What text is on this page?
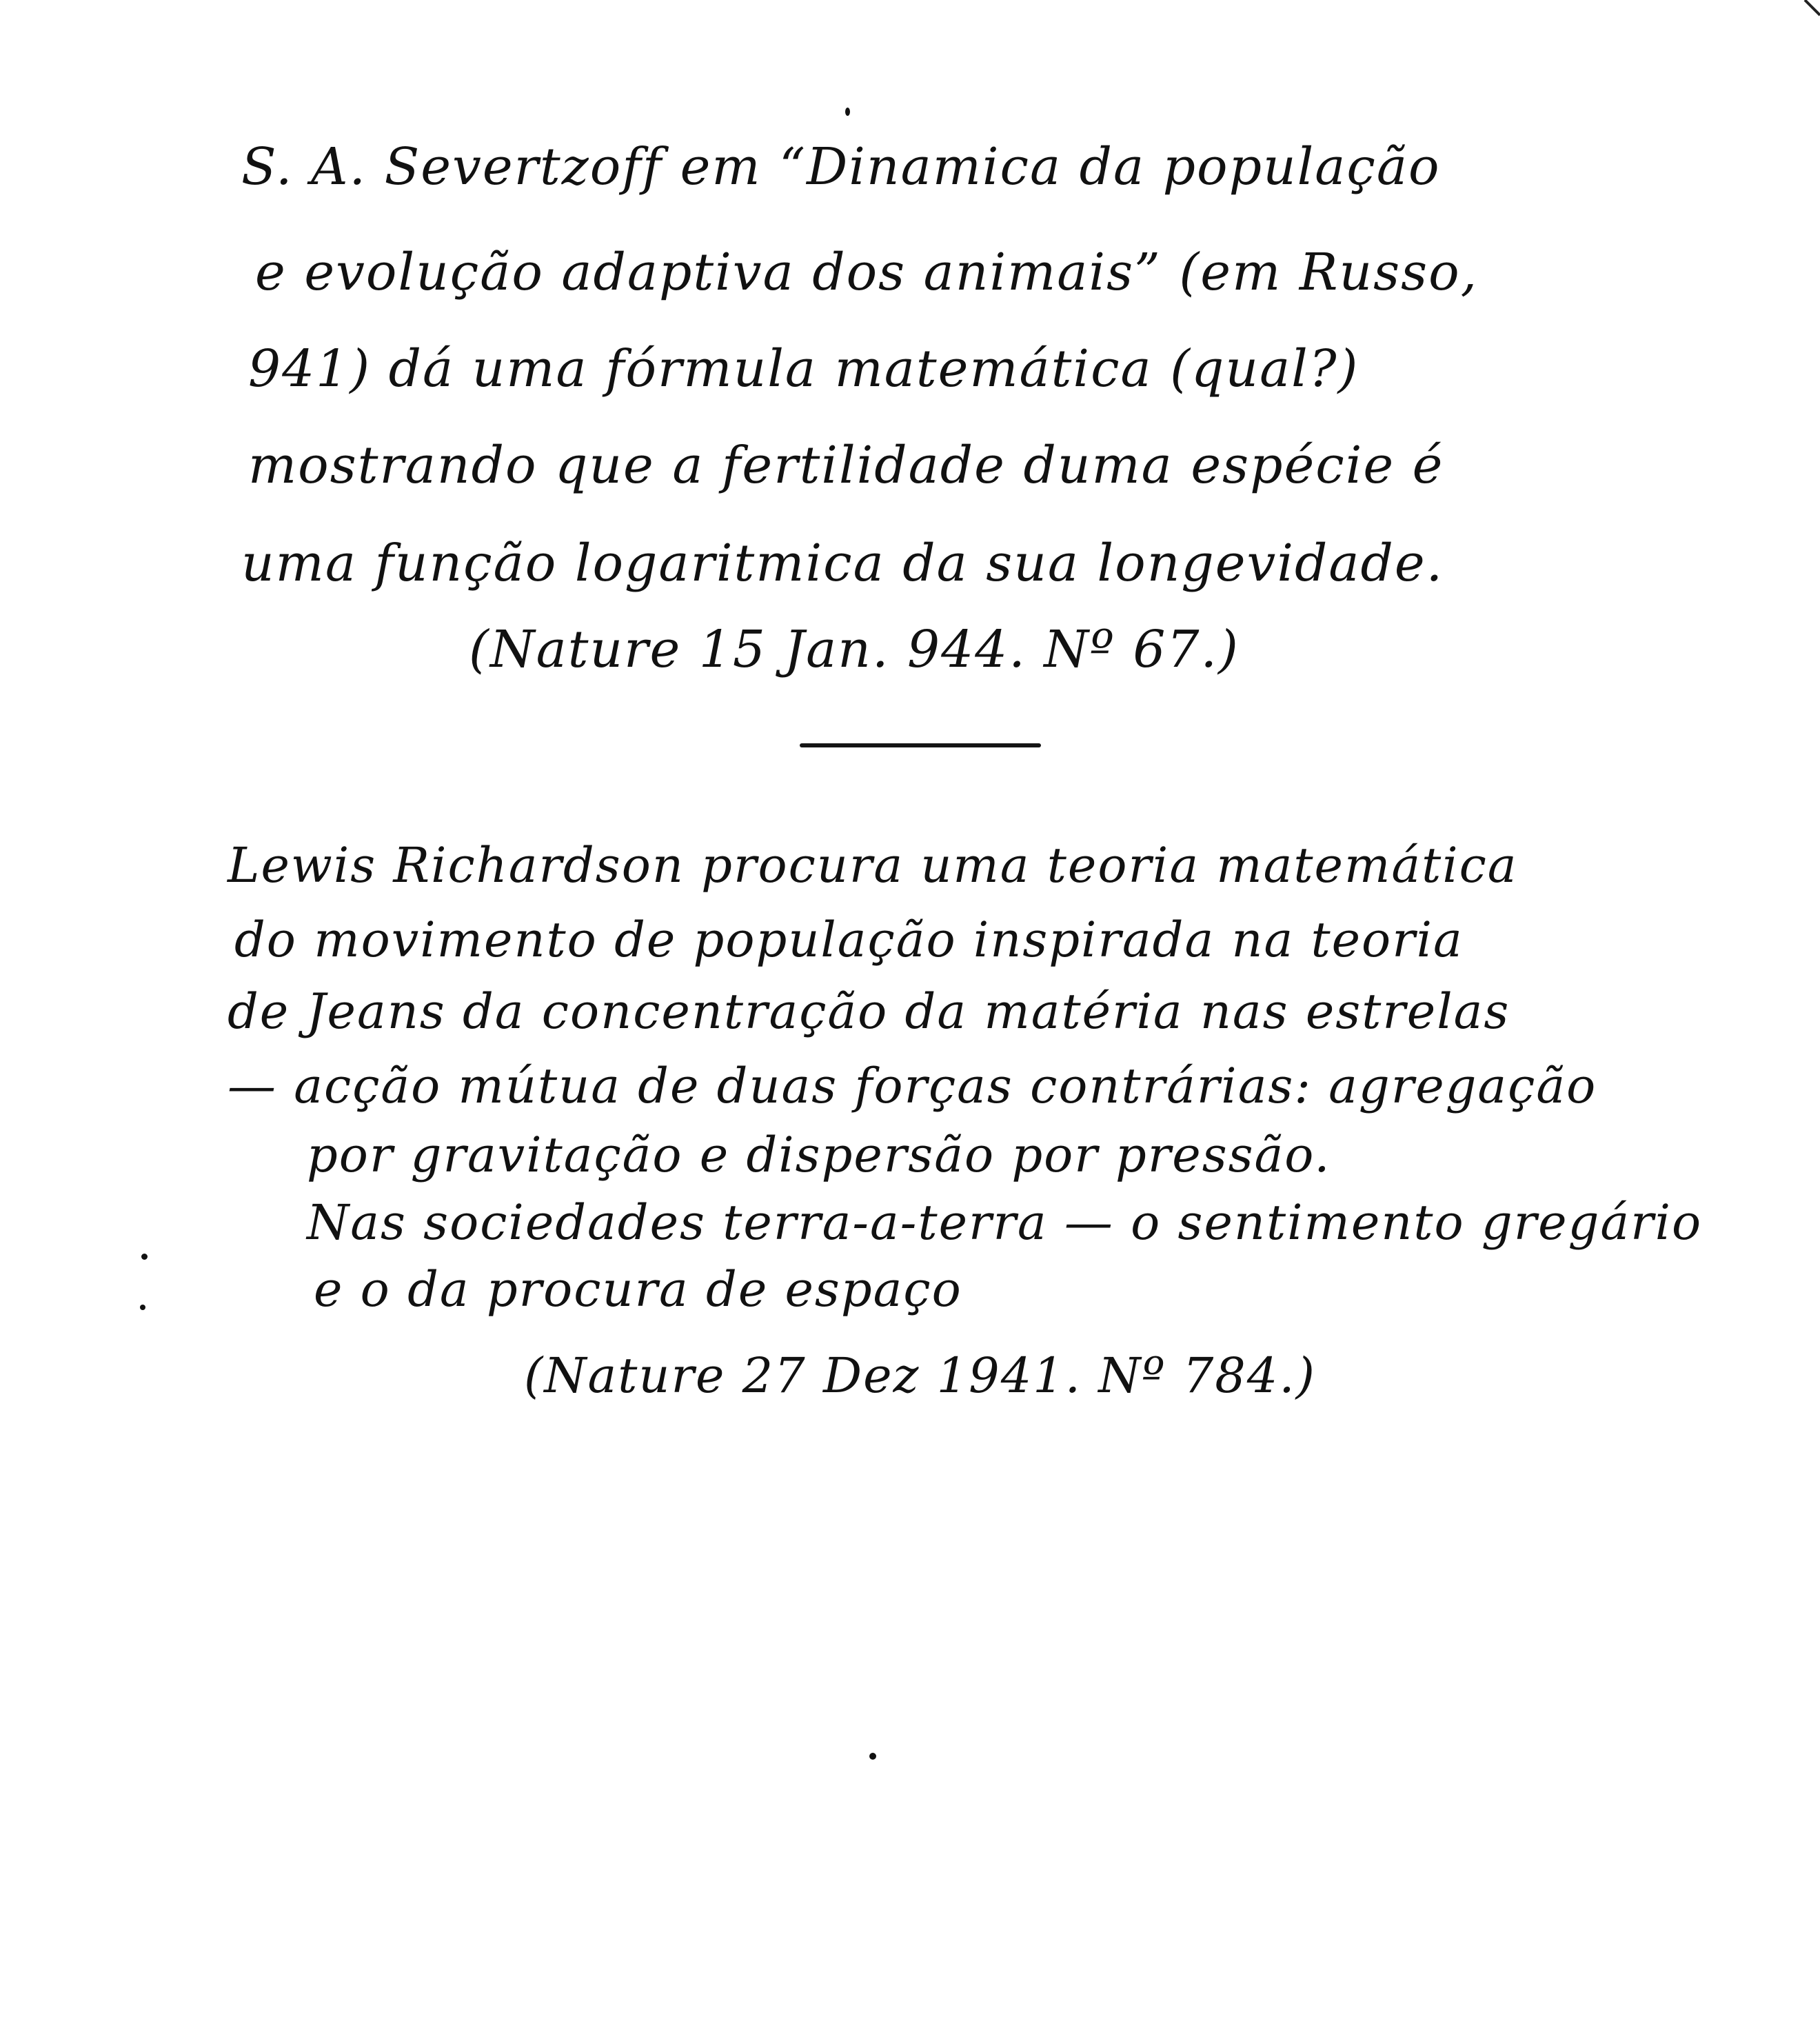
S. A. Severtzoff em “Dinamica da população
e evolução adaptiva dos animais” (em Russo,
941) dá uma fórmula matemática (qual?)
mostrando que a fertilidade duma espécie é
uma função logaritmica da sua longevidade.
(Nature 15 Jan. 944. Nº 67.)
Lewis Richardson procura uma teoria matemática
do movimento de população inspirada na teoria
de Jeans da concentração da matéria nas estrelas
— acção mútua de duas forças contrárias: agregação
por gravitação e dispersão por pressão.
Nas sociedades terra-a-terra — o sentimento gregário
e o da procura de espaço
(Nature 27 Dez 1941. Nº 784.)
